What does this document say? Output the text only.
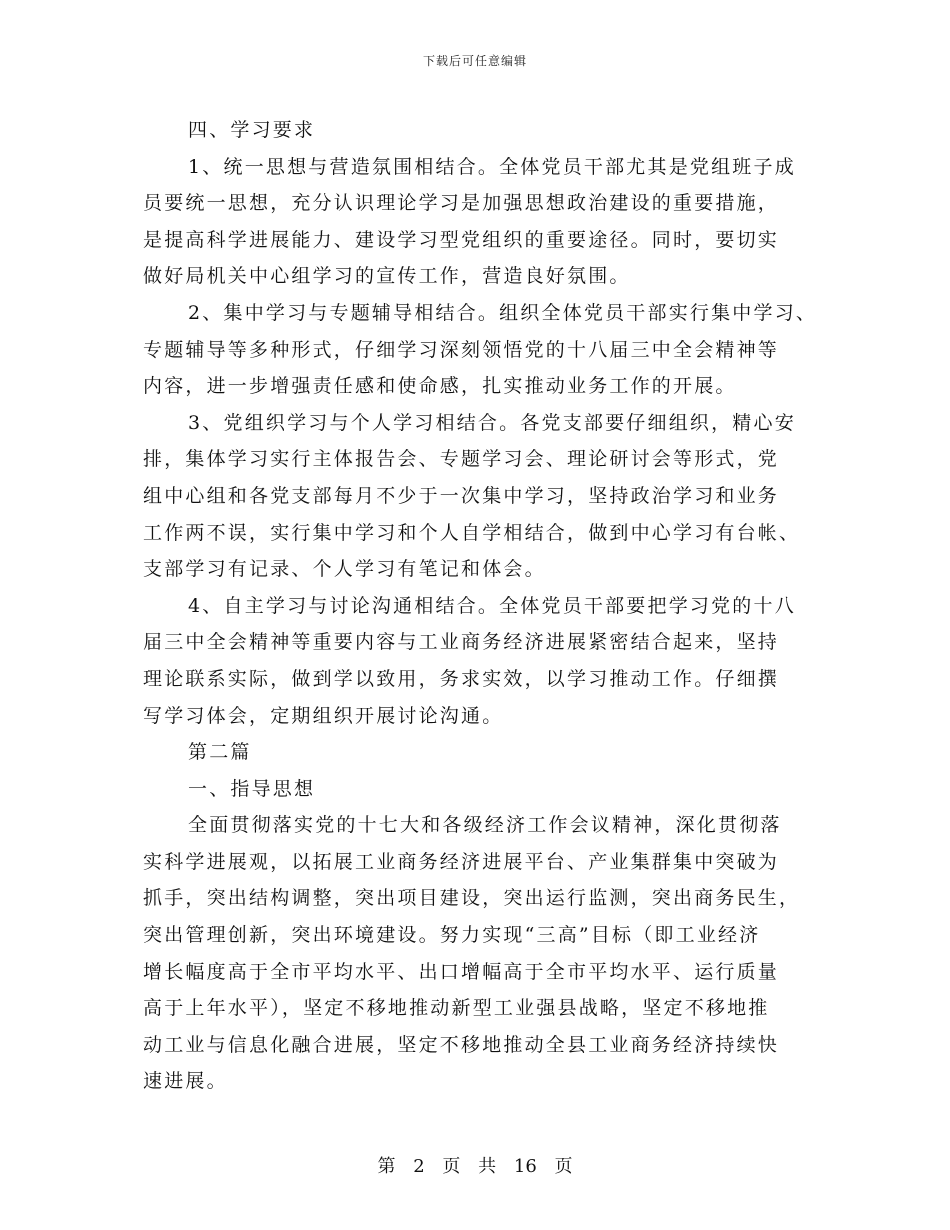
下载后可任意编辑
四、学习要求
1、统一思想与营造氛围相结合。全体党员干部尤其是党组班子成
员要统一思想，充分认识理论学习是加强思想政治建设的重要措施，
是提高科学进展能力、建设学习型党组织的重要途径。同时，要切实
做好局机关中心组学习的宣传工作，营造良好氛围。
2、集中学习与专题辅导相结合。组织全体党员干部实行集中学习、
专题辅导等多种形式，仔细学习深刻领悟党的十八届三中全会精神等
内容，进一步增强责任感和使命感，扎实推动业务工作的开展。
3、党组织学习与个人学习相结合。各党支部要仔细组织，精心安
排，集体学习实行主体报告会、专题学习会、理论研讨会等形式，党
组中心组和各党支部每月不少于一次集中学习，坚持政治学习和业务
工作两不误，实行集中学习和个人自学相结合，做到中心学习有台帐、
支部学习有记录、个人学习有笔记和体会。
4、自主学习与讨论沟通相结合。全体党员干部要把学习党的十八
届三中全会精神等重要内容与工业商务经济进展紧密结合起来，坚持
理论联系实际，做到学以致用，务求实效，以学习推动工作。仔细撰
写学习体会，定期组织开展讨论沟通。
第二篇
一、指导思想
全面贯彻落实党的十七大和各级经济工作会议精神，深化贯彻落
实科学进展观，以拓展工业商务经济进展平台、产业集群集中突破为
抓手，突出结构调整，突出项目建设，突出运行监测，突出商务民生，
突出管理创新，突出环境建设。努力实现“三高”目标（即工业经济
增长幅度高于全市平均水平、出口增幅高于全市平均水平、运行质量
高于上年水平），坚定不移地推动新型工业强县战略，坚定不移地推
动工业与信息化融合进展，坚定不移地推动全县工业商务经济持续快
速进展。
第 2 页 共 16 页
